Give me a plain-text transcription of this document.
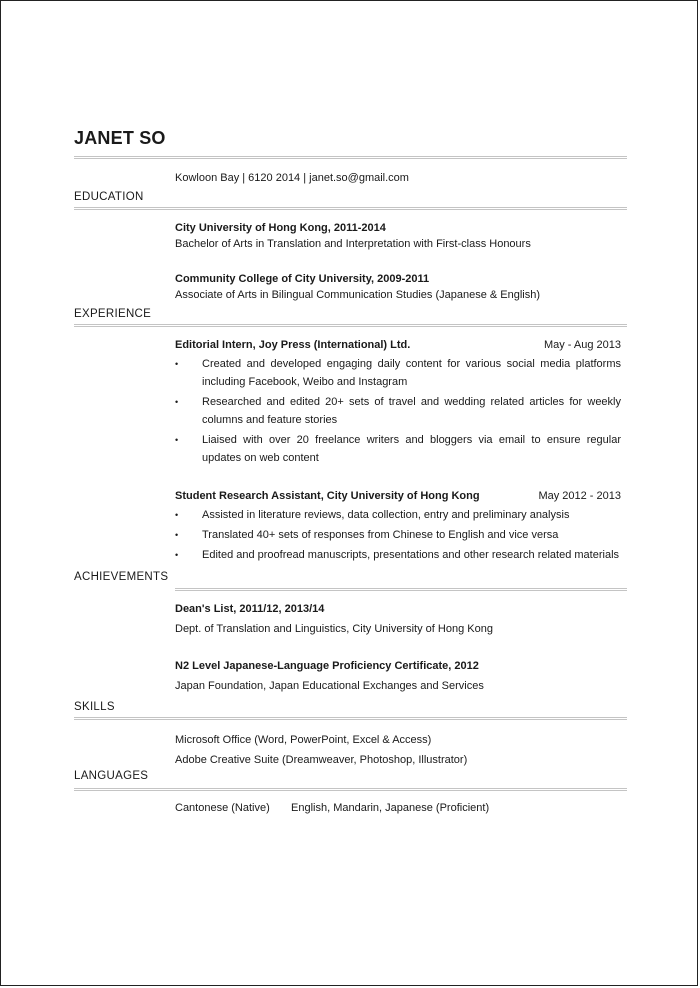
JANET SO
Kowloon Bay | 6120 2014 | janet.so@gmail.com
EDUCATION
City University of Hong Kong, 2011-2014
Bachelor of Arts in Translation and Interpretation with First-class Honours
Community College of City University, 2009-2011
Associate of Arts in Bilingual Communication Studies (Japanese & English)
EXPERIENCE
Editorial Intern, Joy Press (International) Ltd.	May - Aug 2013
• Created and developed engaging daily content for various social media platforms including Facebook, Weibo and Instagram
• Researched and edited 20+ sets of travel and wedding related articles for weekly columns and feature stories
• Liaised with over 20 freelance writers and bloggers via email to ensure regular updates on web content
Student Research Assistant, City University of Hong Kong	May 2012 - 2013
• Assisted in literature reviews, data collection, entry and preliminary analysis
• Translated 40+ sets of responses from Chinese to English and vice versa
• Edited and proofread manuscripts, presentations and other research related materials
ACHIEVEMENTS
Dean's List, 2011/12, 2013/14
Dept. of Translation and Linguistics, City University of Hong Kong
N2 Level Japanese-Language Proficiency Certificate, 2012
Japan Foundation, Japan Educational Exchanges and Services
SKILLS
Microsoft Office (Word, PowerPoint, Excel & Access)
Adobe Creative Suite (Dreamweaver, Photoshop, Illustrator)
LANGUAGES
Cantonese (Native) English, Mandarin, Japanese (Proficient)
